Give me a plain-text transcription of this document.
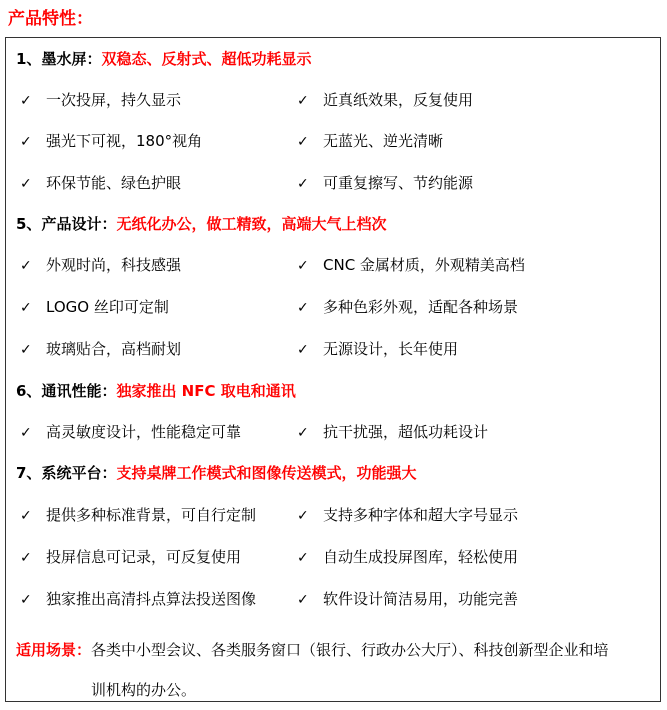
产品特性：
1、墨水屏：双稳态、反射式、超低功耗显示
✓ 一次投屏，持久显示	✓ 近真纸效果，反复使用
✓ 强光下可视，180°视角	✓ 无蓝光、逆光清晰
✓ 环保节能、绿色护眼	✓ 可重复擦写、节约能源
5、产品设计：无纸化办公，做工精致，高端大气上档次
✓ 外观时尚，科技感强	✓ CNC 金属材质，外观精美高档
✓ LOGO 丝印可定制	✓ 多种色彩外观，适配各种场景
✓ 玻璃贴合，高档耐划	✓ 无源设计，长年使用
6、通讯性能：独家推出 NFC 取电和通讯
✓ 高灵敏度设计，性能稳定可靠	✓ 抗干扰强，超低功耗设计
7、系统平台：支持桌牌工作模式和图像传送模式，功能强大
✓ 提供多种标准背景，可自行定制	✓ 支持多种字体和超大字号显示
✓ 投屏信息可记录，可反复使用	✓ 自动生成投屏图库，轻松使用
✓ 独家推出高清抖点算法投送图像	✓ 软件设计简洁易用，功能完善
适用场景：各类中小型会议、各类服务窗口（银行、行政办公大厅）、科技创新型企业和培
训机构的办公。
